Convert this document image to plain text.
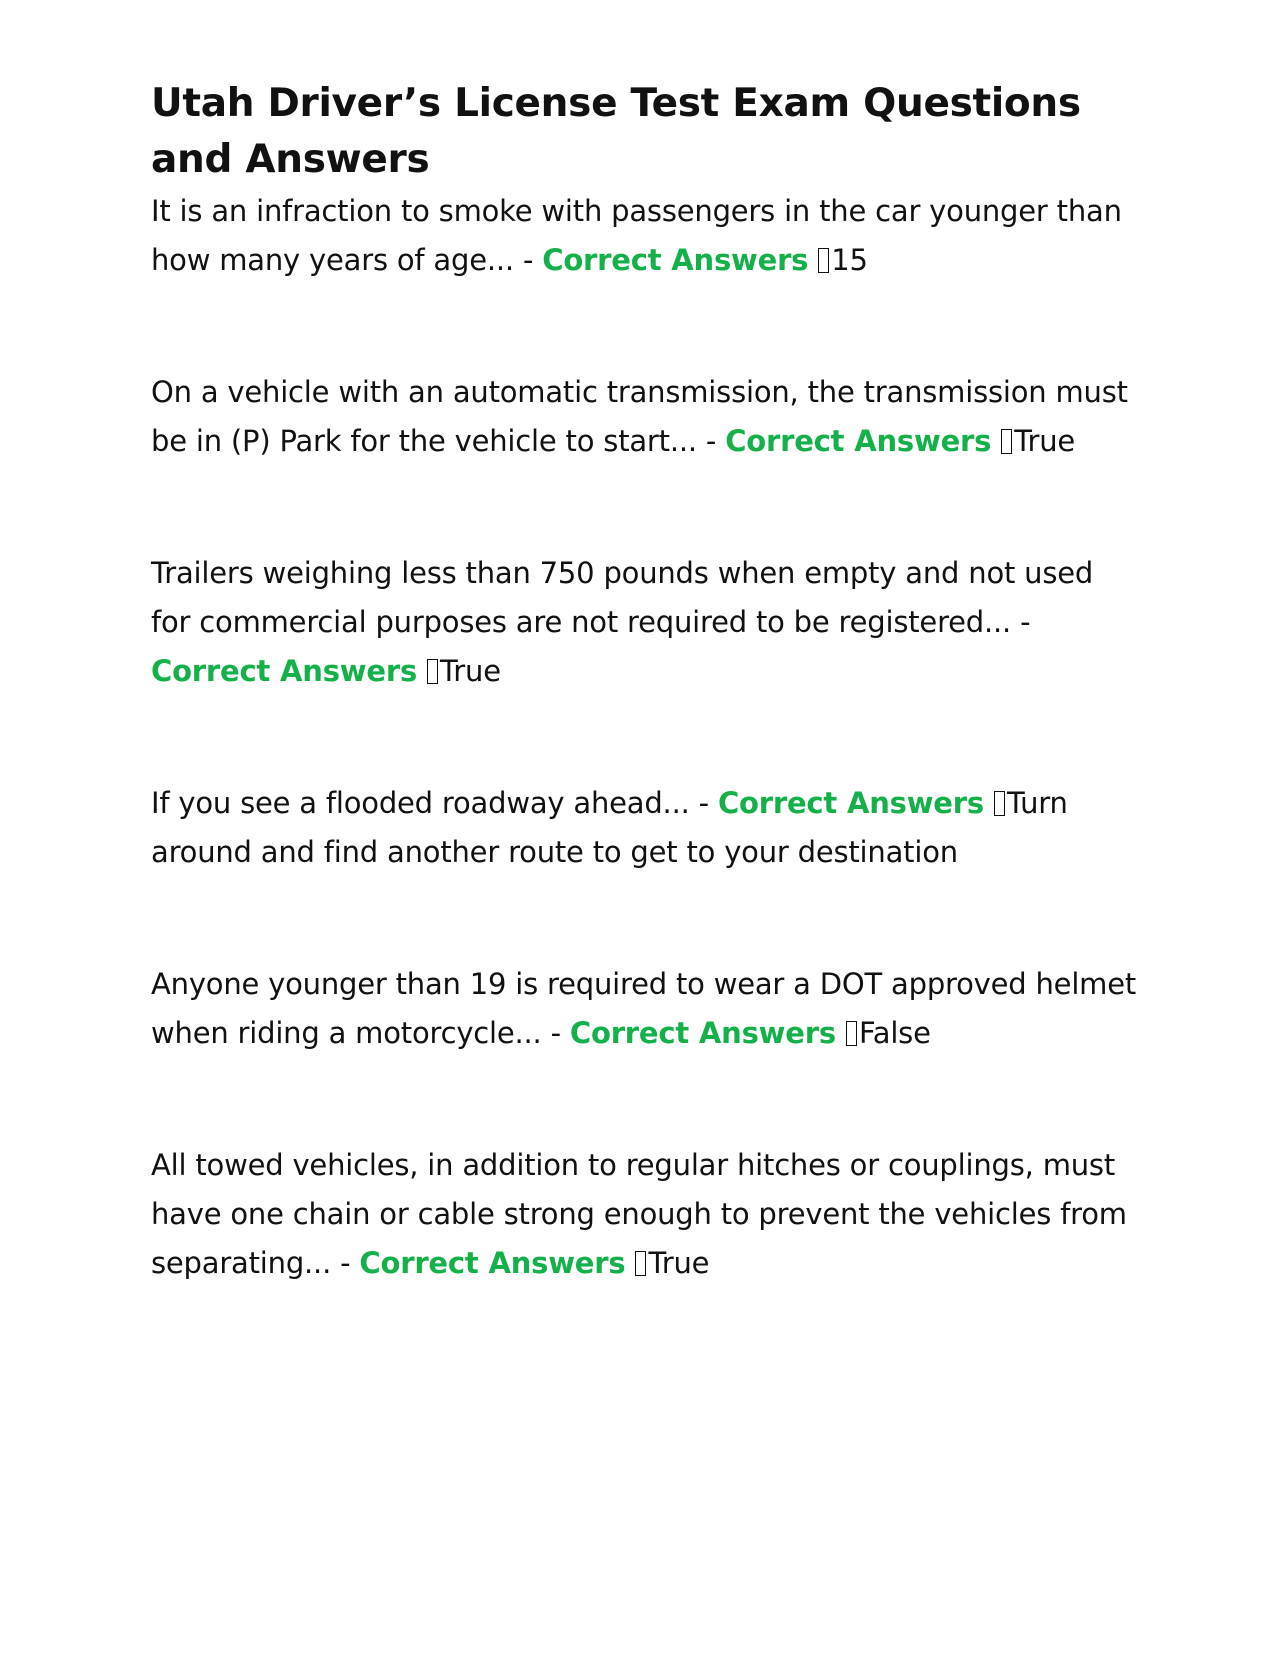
Utah Driver’s License Test Exam Questions and Answers

It is an infraction to smoke with passengers in the car younger than how many years of age... - Correct Answers 15

On a vehicle with an automatic transmission, the transmission must be in (P) Park for the vehicle to start... - Correct Answers True

Trailers weighing less than 750 pounds when empty and not used for commercial purposes are not required to be registered... - Correct Answers True

If you see a flooded roadway ahead... - Correct Answers Turn around and find another route to get to your destination

Anyone younger than 19 is required to wear a DOT approved helmet when riding a motorcycle... - Correct Answers False

All towed vehicles, in addition to regular hitches or couplings, must have one chain or cable strong enough to prevent the vehicles from separating... - Correct Answers True
